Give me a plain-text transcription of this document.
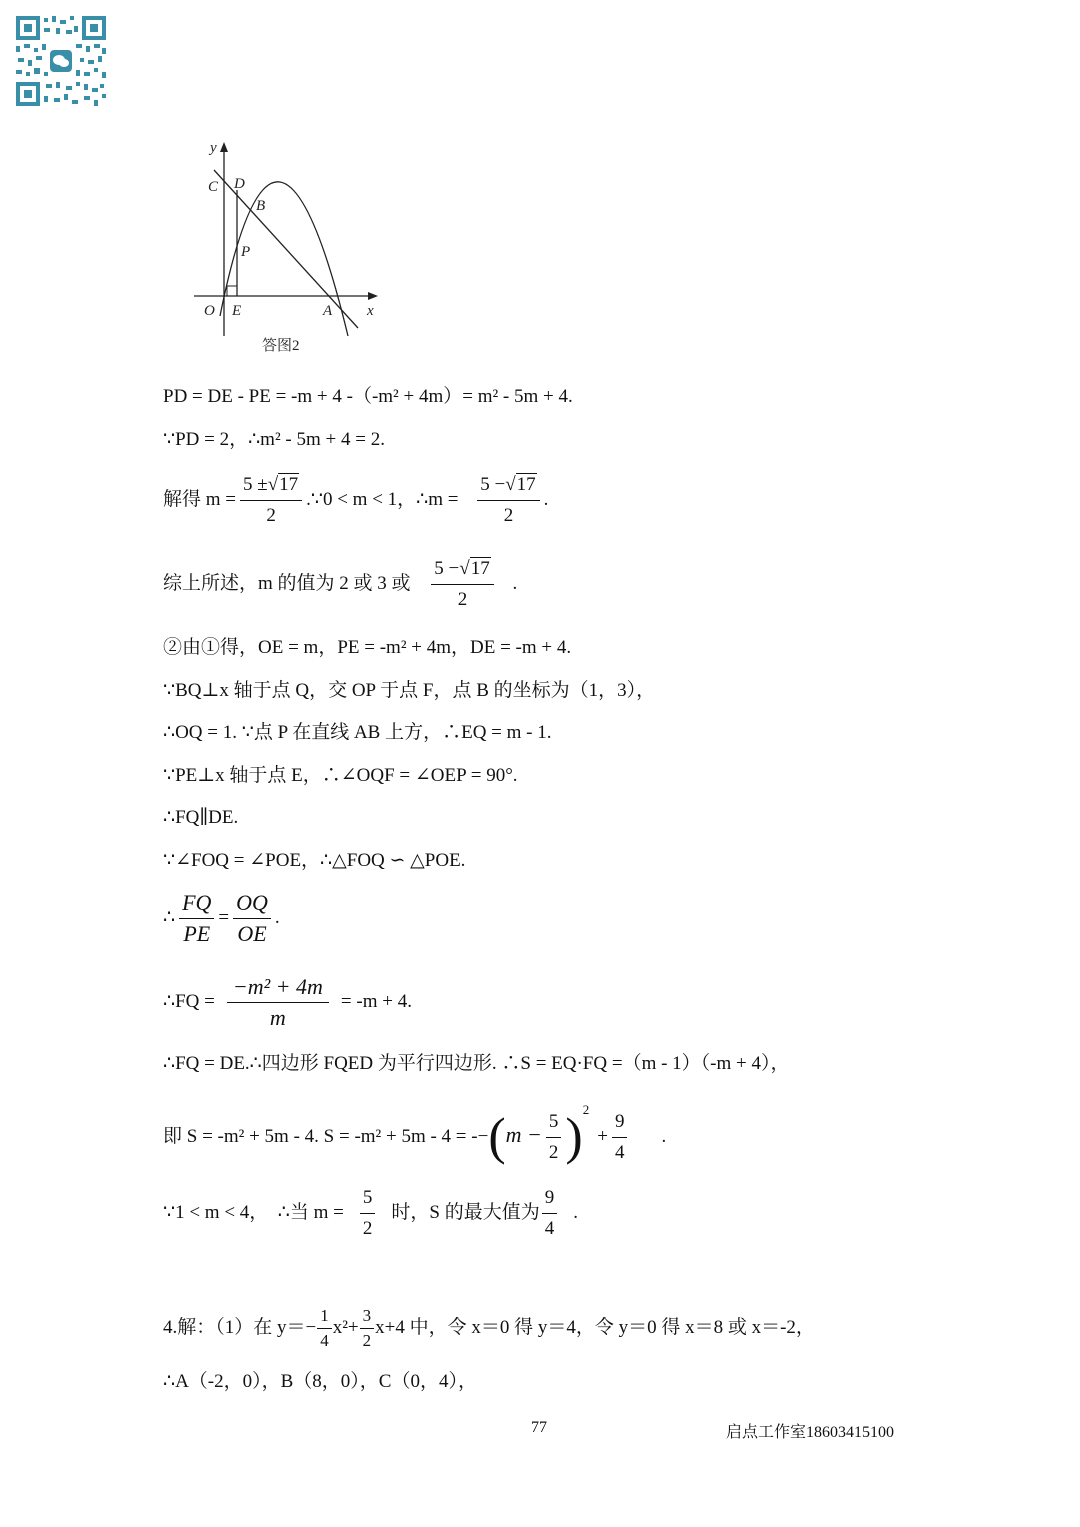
y
C D
B
P
O E	A x
答图2
PD = DE - PE = -m + 4 -（-m² + 4m）= m² - 5m + 4.
∵PD = 2，∴m² - 5m + 4 = 2.
解得 $m = \frac{5 \pm√17}{2}$ .∵0 < m < 1，∴m = $\frac{5 -√17}{2}$ .
综上所述，m 的值为 2 或 3 或 $\frac{5 -√17}{2}$ .
②由①得，OE = m，PE = -m² + 4m，DE = -m + 4.
∵BQ⊥x 轴于点 Q，交 OP 于点 F，点 B 的坐标为（1，3），
∴OQ = 1. ∵点 P 在直线 AB 上方，∴EQ = m - 1.
∵PE⊥x 轴于点 E，∴∠OQF = ∠OEP = 90°.
∴FQ∥DE.
∵∠FOQ = ∠POE，∴△FOQ ∽ △POE.
∴ $\frac{FQ}{PE} = \frac{OQ}{OE}$ .
∴FQ = $\frac{\text{−m² + 4m}}{m} = -m + 4$.
∴FQ = DE.∴四边形 FQED 为平行四边形. ∴S = EQ·FQ =（m - 1）（-m + 4），
即 S = -m² + 5m - 4. $S = -m^2 + 5m - 4 = --(m - \frac{5}{2} )^2+ \frac{9}{4}$ .
∵1 < m < 4，　∴当 $m = \frac{5}{2}$ 时，S 的最大值为 $\frac{9}{4}$ .
4.解：（1）在 $y=- \frac{1}{4} x^2+ \frac{3}{2} x+4$ 中，令 x＝0 得 y＝4，令 y＝0 得 x＝8 或 x＝-2，
∴A（-2，0），B（8，0），C（0，4），
77	启点工作室18603415100
